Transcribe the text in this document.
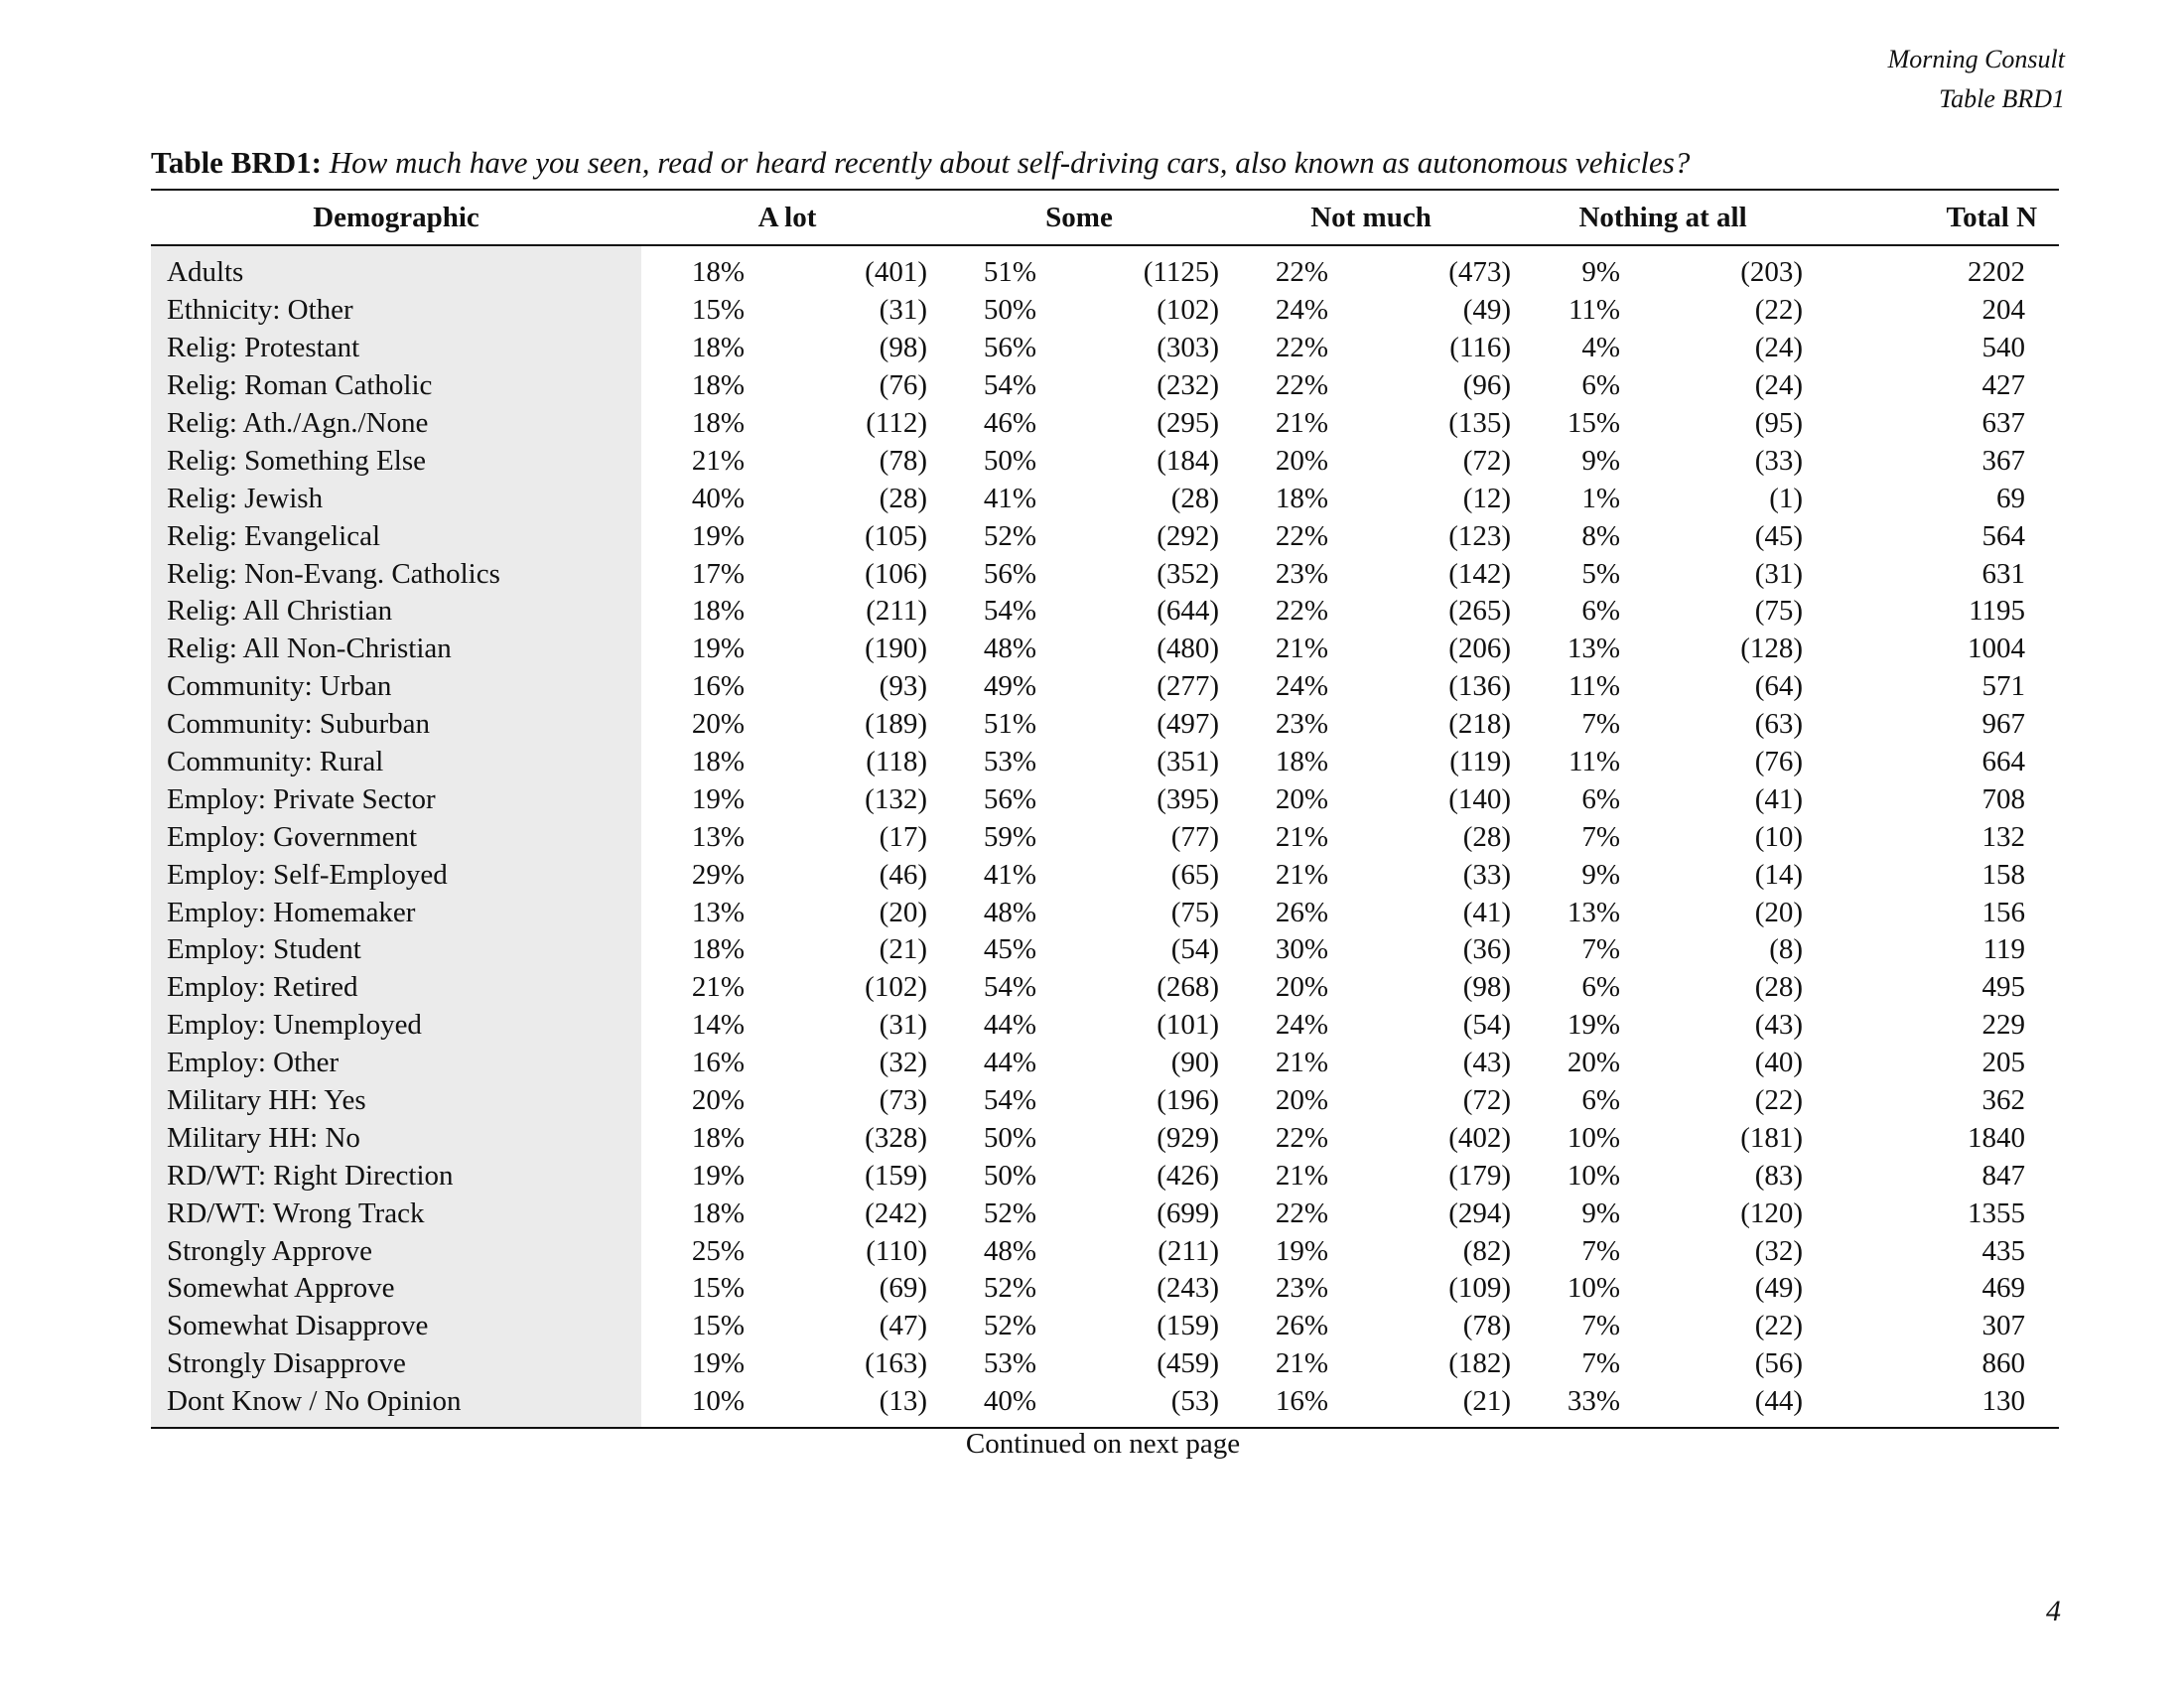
Morning Consult
Table BRD1
Table BRD1: How much have you seen, read or heard recently about self-driving cars, also known as autonomous vehicles?
Demographic	A lot		Some		Not much		Nothing at all		Total N
Adults	18%	(401)	51%	(1125)	22%	(473)	9%	(203)	2202
Ethnicity: Other	15%	(31)	50%	(102)	24%	(49)	11%	(22)	204
Relig: Protestant	18%	(98)	56%	(303)	22%	(116)	4%	(24)	540
Relig: Roman Catholic	18%	(76)	54%	(232)	22%	(96)	6%	(24)	427
Relig: Ath./Agn./None	18%	(112)	46%	(295)	21%	(135)	15%	(95)	637
Relig: Something Else	21%	(78)	50%	(184)	20%	(72)	9%	(33)	367
Relig: Jewish	40%	(28)	41%	(28)	18%	(12)	1%	(1)	69
Relig: Evangelical	19%	(105)	52%	(292)	22%	(123)	8%	(45)	564
Relig: Non-Evang. Catholics	17%	(106)	56%	(352)	23%	(142)	5%	(31)	631
Relig: All Christian	18%	(211)	54%	(644)	22%	(265)	6%	(75)	1195
Relig: All Non-Christian	19%	(190)	48%	(480)	21%	(206)	13%	(128)	1004
Community: Urban	16%	(93)	49%	(277)	24%	(136)	11%	(64)	571
Community: Suburban	20%	(189)	51%	(497)	23%	(218)	7%	(63)	967
Community: Rural	18%	(118)	53%	(351)	18%	(119)	11%	(76)	664
Employ: Private Sector	19%	(132)	56%	(395)	20%	(140)	6%	(41)	708
Employ: Government	13%	(17)	59%	(77)	21%	(28)	7%	(10)	132
Employ: Self-Employed	29%	(46)	41%	(65)	21%	(33)	9%	(14)	158
Employ: Homemaker	13%	(20)	48%	(75)	26%	(41)	13%	(20)	156
Employ: Student	18%	(21)	45%	(54)	30%	(36)	7%	(8)	119
Employ: Retired	21%	(102)	54%	(268)	20%	(98)	6%	(28)	495
Employ: Unemployed	14%	(31)	44%	(101)	24%	(54)	19%	(43)	229
Employ: Other	16%	(32)	44%	(90)	21%	(43)	20%	(40)	205
Military HH: Yes	20%	(73)	54%	(196)	20%	(72)	6%	(22)	362
Military HH: No	18%	(328)	50%	(929)	22%	(402)	10%	(181)	1840
RD/WT: Right Direction	19%	(159)	50%	(426)	21%	(179)	10%	(83)	847
RD/WT: Wrong Track	18%	(242)	52%	(699)	22%	(294)	9%	(120)	1355
Strongly Approve	25%	(110)	48%	(211)	19%	(82)	7%	(32)	435
Somewhat Approve	15%	(69)	52%	(243)	23%	(109)	10%	(49)	469
Somewhat Disapprove	15%	(47)	52%	(159)	26%	(78)	7%	(22)	307
Strongly Disapprove	19%	(163)	53%	(459)	21%	(182)	7%	(56)	860
Dont Know / No Opinion	10%	(13)	40%	(53)	16%	(21)	33%	(44)	130
Continued on next page
4
